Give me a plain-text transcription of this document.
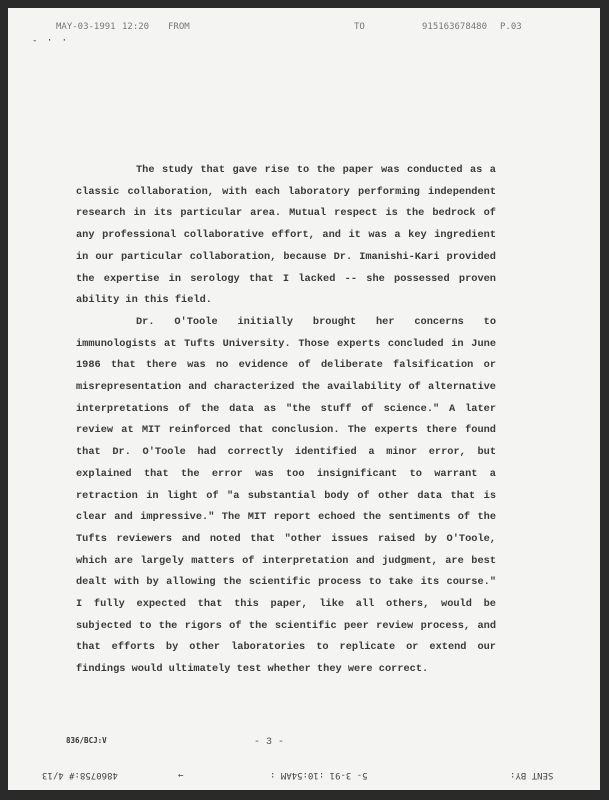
MAY-03-1991 12:20 FROM	TO	915163678480 P.03
- · ·

The study that gave rise to the paper was conducted as a classic collaboration, with each laboratory performing independent research in its particular area. Mutual respect is the bedrock of any professional collaborative effort, and it was a key ingredient in our particular collaboration, because Dr. Imanishi-Kari provided the expertise in serology that I lacked -- she possessed proven ability in this field.

Dr. O'Toole initially brought her concerns to immunologists at Tufts University. Those experts concluded in June 1986 that there was no evidence of deliberate falsification or misrepresentation and characterized the availability of alternative interpretations of the data as "the stuff of science." A later review at MIT reinforced that conclusion. The experts there found that Dr. O'Toole had correctly identified a minor error, but explained that the error was too insignificant to warrant a retraction in light of "a substantial body of other data that is clear and impressive." The MIT report echoed the sentiments of the Tufts reviewers and noted that "other issues raised by O'Toole, which are largely matters of interpretation and judgment, are best dealt with by allowing the scientific process to take its course." I fully expected that this paper, like all others, would be subjected to the rigors of the scientific peer review process, and that efforts by other laboratories to replicate or extend our findings would ultimately test whether they were correct.

836/BCJ:V	- 3 -
4860758:# 4/13	→	5- 3-91 :10:54AM :	SENT BY:
